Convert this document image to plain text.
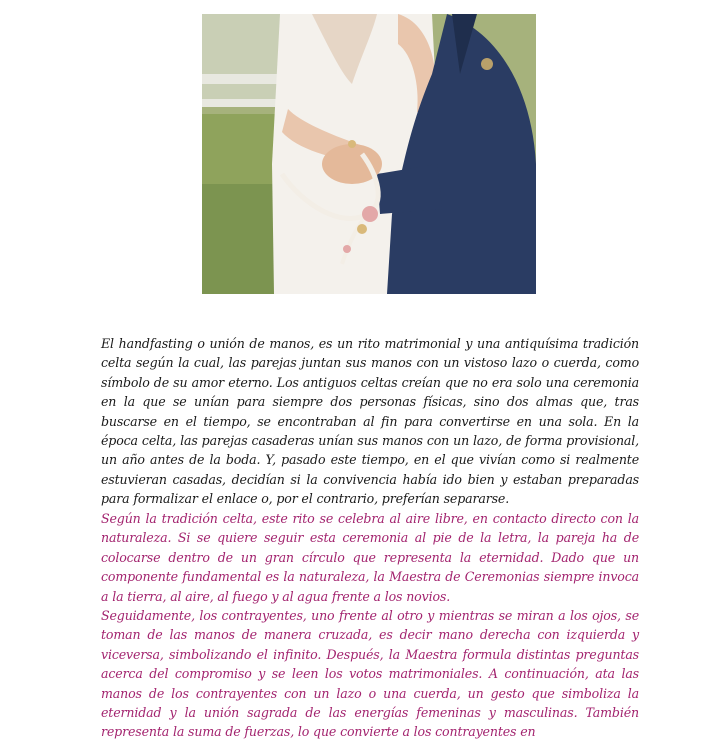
El handfasting o unión de manos, es un rito matrimonial y una antiquísima tradición celta según la cual, las parejas juntan sus manos con un vistoso lazo o cuerda, como símbolo de su amor eterno. Los antiguos celtas creían que no era solo una ceremonia en la que se unían para siempre dos personas físicas, sino dos almas que, tras buscarse en el tiempo, se encontraban al fin para convertirse en una sola. En la época celta, las parejas casaderas unían sus manos con un lazo, de forma provisional, un año antes de la boda. Y, pasado este tiempo, en el que vivían como si realmente estuvieran casadas, decidían si la convivencia había ido bien y estaban preparadas para formalizar el enlace o, por el contrario, preferían separarse.

Según la tradición celta, este rito se celebra al aire libre, en contacto directo con la naturaleza. Si se quiere seguir esta ceremonia al pie de la letra, la pareja ha de colocarse dentro de un gran círculo que representa la eternidad. Dado que un componente fundamental es la naturaleza, la Maestra de Ceremonias siempre invoca a la tierra, al aire, al fuego y al agua frente a los novios.

Seguidamente, los contrayentes, uno frente al otro y mientras se miran a los ojos, se toman de las manos de manera cruzada, es decir mano derecha con izquierda y viceversa, simbolizando el infinito. Después, la Maestra formula distintas preguntas acerca del compromiso y se leen los votos matrimoniales. A continuación, ata las manos de los contrayentes con un lazo o una cuerda, un gesto que simboliza la eternidad y la unión sagrada de las energías femeninas y masculinas. También representa la suma de fuerzas, lo que convierte a los contrayentes en
